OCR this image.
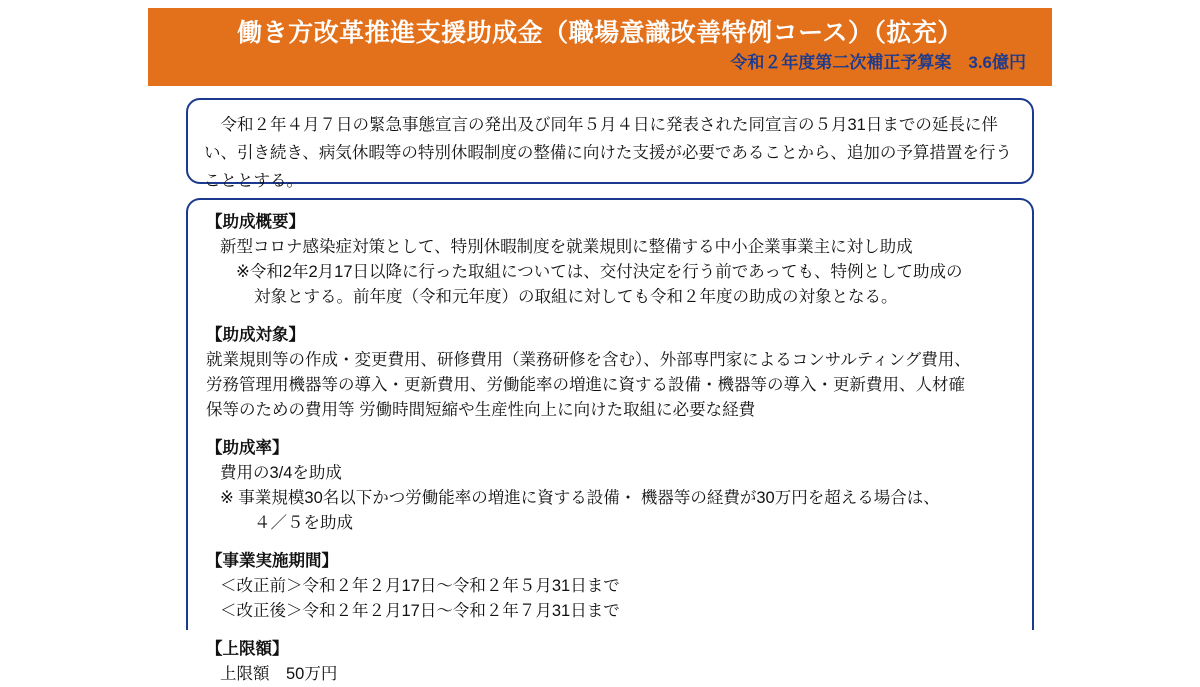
働き方改革推進支援助成金（職場意識改善特例コース）（拡充）
令和２年度第二次補正予算案　3.6億円
令和２年４月７日の緊急事態宣言の発出及び同年５月４日に発表された同宣言の５月31日までの延長に伴い、引き続き、病気休暇等の特別休暇制度の整備に向けた支援が必要であることから、追加の予算措置を行うこととする。
【助成概要】
新型コロナ感染症対策として、特別休暇制度を就業規則に整備する中小企業事業主に対し助成
※令和2年2月17日以降に行った取組については、交付決定を行う前であっても、特例として助成の
対象とする。前年度（令和元年度）の取組に対しても令和２年度の助成の対象となる。
【助成対象】
就業規則等の作成・変更費用、研修費用（業務研修を含む）、外部専門家によるコンサルティング費用、
労務管理用機器等の導入・更新費用、労働能率の増進に資する設備・機器等の導入・更新費用、人材確
保等のための費用等 労働時間短縮や生産性向上に向けた取組に必要な経費
【助成率】
費用の3/4を助成
※ 事業規模30名以下かつ労働能率の増進に資する設備・ 機器等の経費が30万円を超える場合は、
４／５を助成
【事業実施期間】
＜改正前＞令和２年２月17日～令和２年５月31日まで
＜改正後＞令和２年２月17日～令和２年７月31日まで
【上限額】
上限額　50万円
